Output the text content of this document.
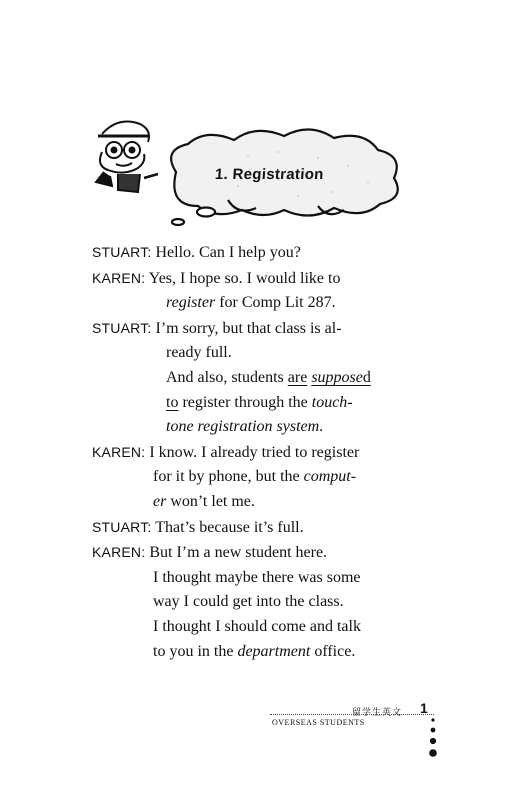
1. Registration
STUART: Hello. Can I help you?
KAREN: Yes, I hope so. I would like to
register for Comp Lit 287.
STUART: I’m sorry, but that class is al-
ready full.
And also, students are supposed
to register through the touch-
tone registration system.
KAREN: I know. I already tried to register
for it by phone, but the comput-
er won’t let me.
STUART: That’s because it’s full.
KAREN: But I’m a new student here.
I thought maybe there was some
way I could get into the class.
I thought I should come and talk
to you in the department office.
留学生英文 1
OVERSEAS STUDENTS
